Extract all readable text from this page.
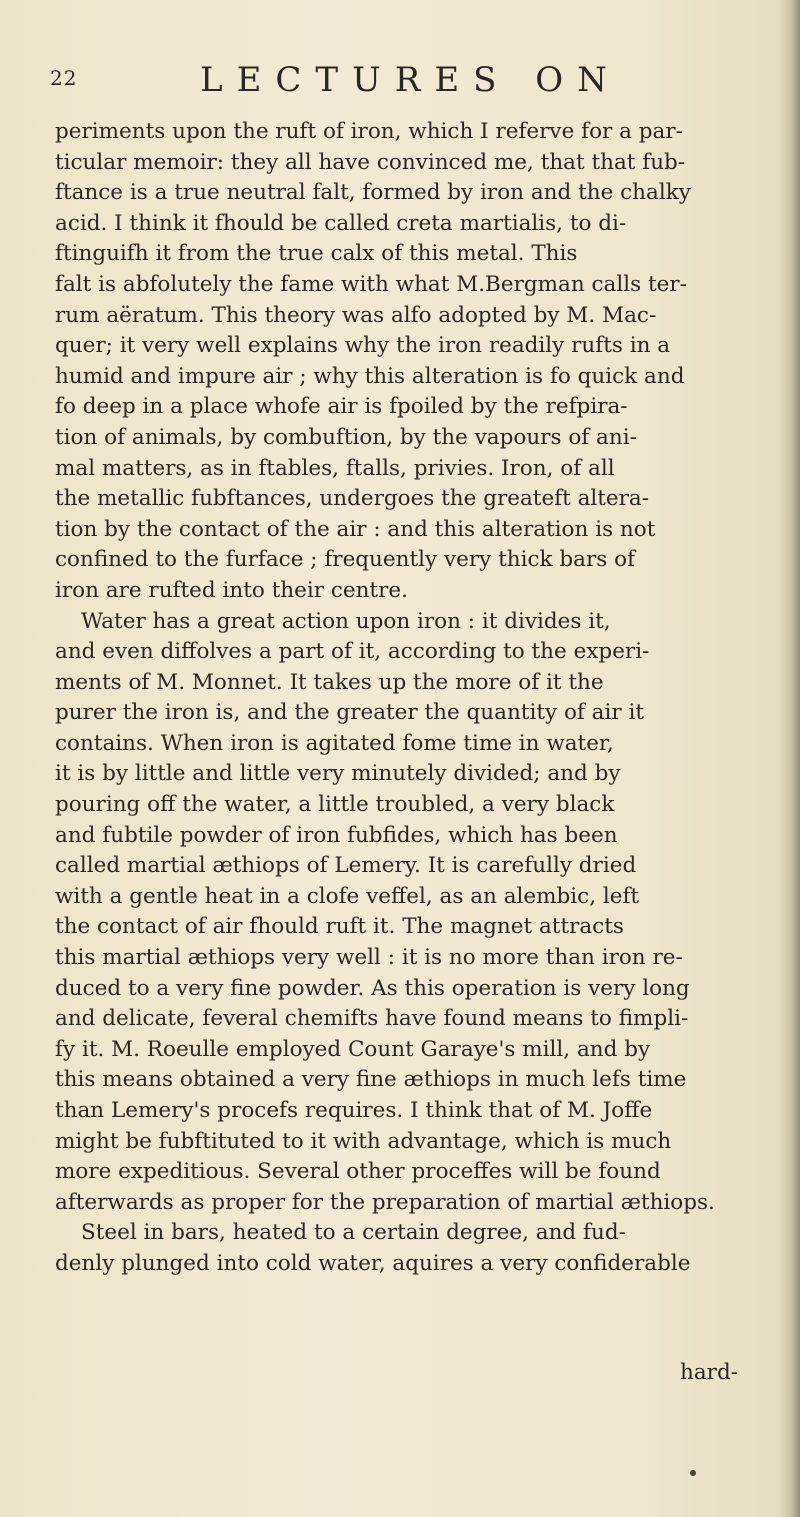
22	LECTURES ON
periments upon the ruft of iron, which I referve for a par-
ticular memoir: they all have convinced me, that that fub-
ftance is a true neutral falt, formed by iron and the chalky
acid. I think it fhould be called creta martialis, to di-
ftinguifh it from the true calx of this metal. This
falt is abfolutely the fame with what M.Bergman calls ter-
rum aëratum. This theory was alfo adopted by M. Mac-
quer; it very well explains why the iron readily rufts in a
humid and impure air ; why this alteration is fo quick and
fo deep in a place whofe air is fpoiled by the refpira-
tion of animals, by combuftion, by the vapours of ani-
mal matters, as in ftables, ftalls, privies. Iron, of all
the metallic fubftances, undergoes the greateft altera-
tion by the contact of the air : and this alteration is not
confined to the furface ; frequently very thick bars of
iron are rufted into their centre.
Water has a great action upon iron : it divides it,
and even diffolves a part of it, according to the experi-
ments of M. Monnet. It takes up the more of it the
purer the iron is, and the greater the quantity of air it
contains. When iron is agitated fome time in water,
it is by little and little very minutely divided; and by
pouring off the water, a little troubled, a very black
and fubtile powder of iron fubfides, which has been
called martial æthiops of Lemery. It is carefully dried
with a gentle heat in a clofe veffel, as an alembic, left
the contact of air fhould ruft it. The magnet attracts
this martial æthiops very well : it is no more than iron re-
duced to a very fine powder. As this operation is very long
and delicate, feveral chemifts have found means to fimpli-
fy it. M. Roeulle employed Count Garaye's mill, and by
this means obtained a very fine æthiops in much lefs time
than Lemery's procefs requires. I think that of M. Joffe
might be fubftituted to it with advantage, which is much
more expeditious. Several other proceffes will be found
afterwards as proper for the preparation of martial æthiops.
Steel in bars, heated to a certain degree, and fud-
denly plunged into cold water, aquires a very confiderable
hard-
